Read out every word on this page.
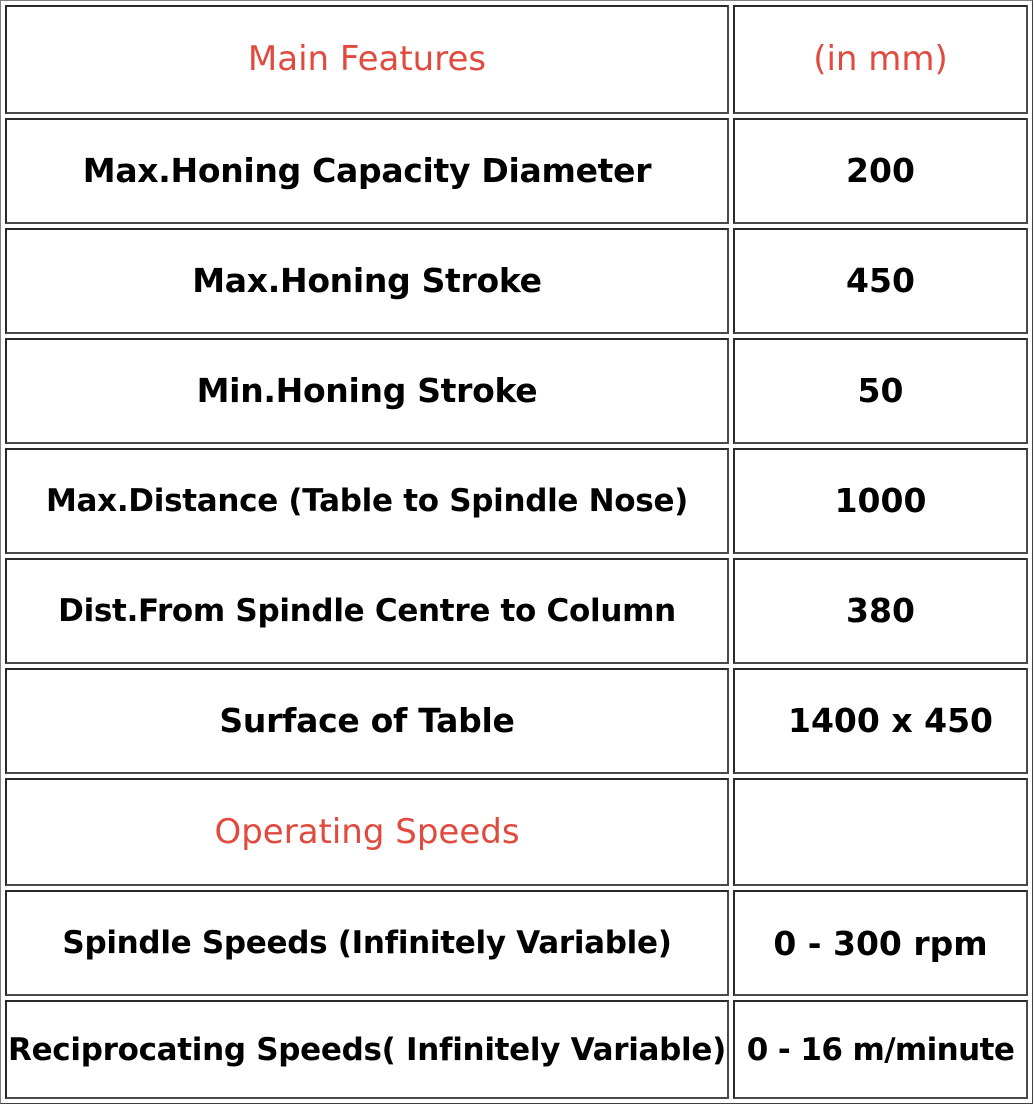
Main Features	(in mm)
Max.Honing Capacity Diameter	200
Max.Honing Stroke	450
Min.Honing Stroke	50
Max.Distance (Table to Spindle Nose)	1000
Dist.From Spindle Centre to Column	380
Surface of Table	1400 x 450
Operating Speeds	
Spindle Speeds (Infinitely Variable)	0 - 300 rpm
Reciprocating Speeds( Infinitely Variable)	0 - 16 m/minute
